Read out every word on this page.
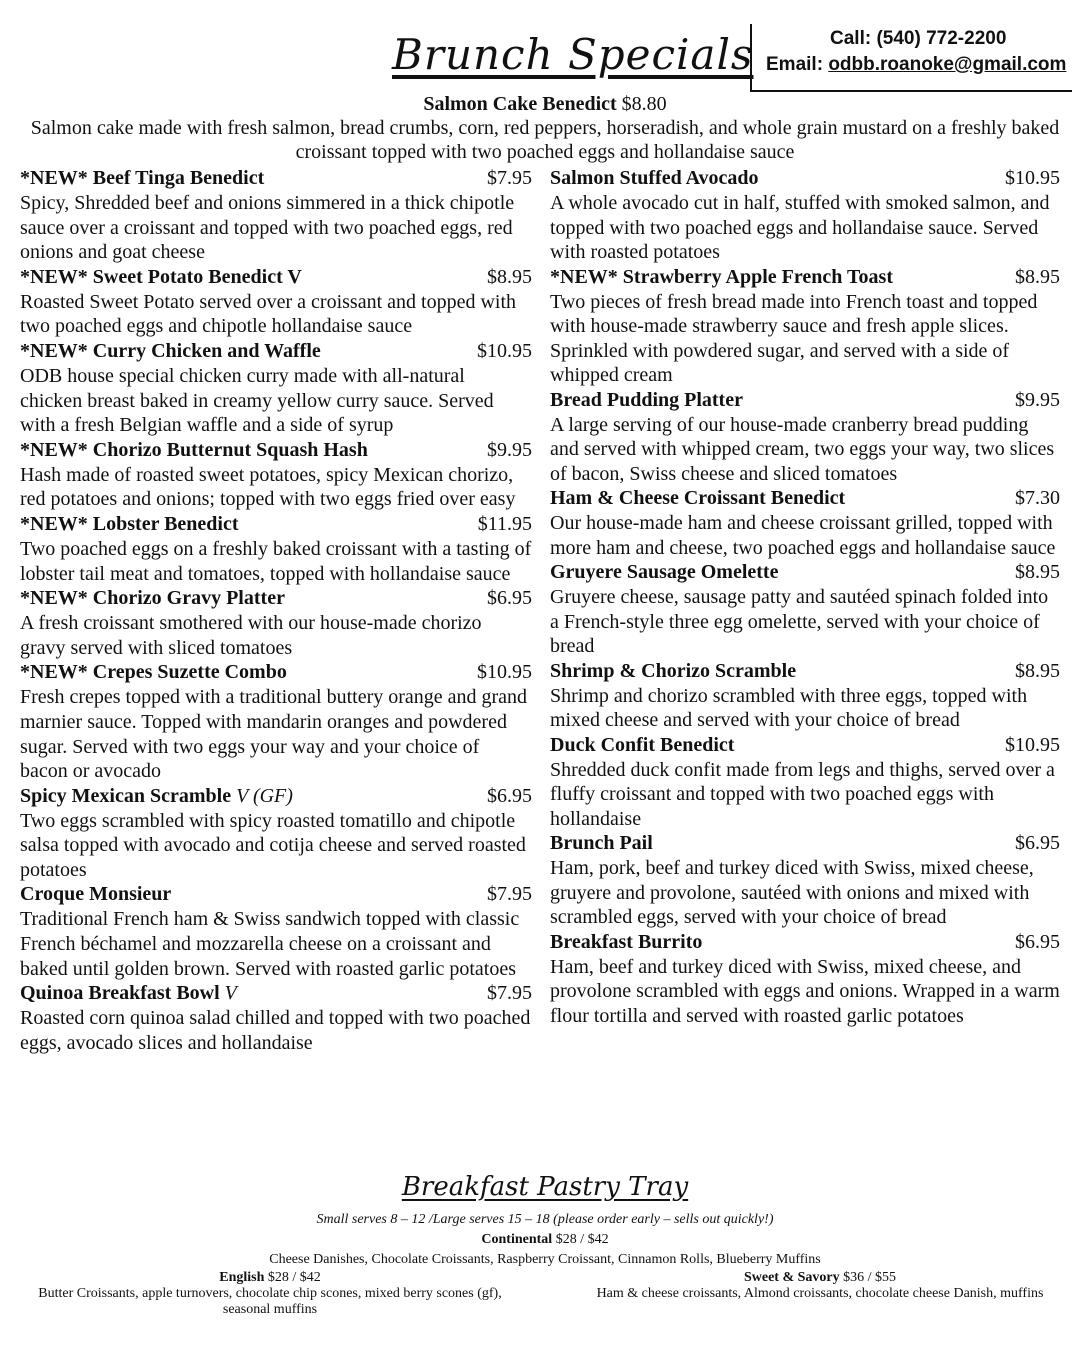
Brunch Specials	Call: (540) 772-2200
Email: odbb.roanoke@gmail.com
Salmon Cake Benedict $8.80
Salmon cake made with fresh salmon, bread crumbs, corn, red peppers, horseradish, and whole grain mustard on a freshly baked croissant topped with two poached eggs and hollandaise sauce
*NEW* Beef Tinga Benedict	$7.95
Spicy, Shredded beef and onions simmered in a thick chipotle sauce over a croissant and topped with two poached eggs, red onions and goat cheese
*NEW* Sweet Potato Benedict V	$8.95
Roasted Sweet Potato served over a croissant and topped with two poached eggs and chipotle hollandaise sauce
*NEW* Curry Chicken and Waffle	$10.95
ODB house special chicken curry made with all-natural chicken breast baked in creamy yellow curry sauce. Served with a fresh Belgian waffle and a side of syrup
*NEW* Chorizo Butternut Squash Hash	$9.95
Hash made of roasted sweet potatoes, spicy Mexican chorizo, red potatoes and onions; topped with two eggs fried over easy
*NEW* Lobster Benedict	$11.95
Two poached eggs on a freshly baked croissant with a tasting of lobster tail meat and tomatoes, topped with hollandaise sauce
*NEW* Chorizo Gravy Platter	$6.95
A fresh croissant smothered with our house-made chorizo gravy served with sliced tomatoes
*NEW* Crepes Suzette Combo	$10.95
Fresh crepes topped with a traditional buttery orange and grand marnier sauce. Topped with mandarin oranges and powdered sugar. Served with two eggs your way and your choice of bacon or avocado
Spicy Mexican Scramble V (GF)	$6.95
Two eggs scrambled with spicy roasted tomatillo and chipotle salsa topped with avocado and cotija cheese and served roasted potatoes
Croque Monsieur	$7.95
Traditional French ham & Swiss sandwich topped with classic French béchamel and mozzarella cheese on a croissant and baked until golden brown. Served with roasted garlic potatoes
Quinoa Breakfast Bowl V	$7.95
Roasted corn quinoa salad chilled and topped with two poached eggs, avocado slices and hollandaise
Salmon Stuffed Avocado	$10.95
A whole avocado cut in half, stuffed with smoked salmon, and topped with two poached eggs and hollandaise sauce. Served with roasted potatoes
*NEW* Strawberry Apple French Toast	$8.95
Two pieces of fresh bread made into French toast and topped with house-made strawberry sauce and fresh apple slices. Sprinkled with powdered sugar, and served with a side of whipped cream
Bread Pudding Platter	$9.95
A large serving of our house-made cranberry bread pudding and served with whipped cream, two eggs your way, two slices of bacon, Swiss cheese and sliced tomatoes
Ham & Cheese Croissant Benedict	$7.30
Our house-made ham and cheese croissant grilled, topped with more ham and cheese, two poached eggs and hollandaise sauce
Gruyere Sausage Omelette	$8.95
Gruyere cheese, sausage patty and sautéed spinach folded into a French-style three egg omelette, served with your choice of bread
Shrimp & Chorizo Scramble	$8.95
Shrimp and chorizo scrambled with three eggs, topped with mixed cheese and served with your choice of bread
Duck Confit Benedict	$10.95
Shredded duck confit made from legs and thighs, served over a fluffy croissant and topped with two poached eggs with hollandaise
Brunch Pail	$6.95
Ham, pork, beef and turkey diced with Swiss, mixed cheese, gruyere and provolone, sautéed with onions and mixed with scrambled eggs, served with your choice of bread
Breakfast Burrito	$6.95
Ham, beef and turkey diced with Swiss, mixed cheese, and provolone scrambled with eggs and onions. Wrapped in a warm flour tortilla and served with roasted garlic potatoes
Breakfast Pastry Tray
Small serves 8 – 12 /Large serves 15 – 18 (please order early – sells out quickly!)
Continental $28 / $42
Cheese Danishes, Chocolate Croissants, Raspberry Croissant, Cinnamon Rolls, Blueberry Muffins
English $28 / $42
Butter Croissants, apple turnovers, chocolate chip scones, mixed berry scones (gf), seasonal muffins
Sweet & Savory $36 / $55
Ham & cheese croissants, Almond croissants, chocolate cheese Danish, muffins
